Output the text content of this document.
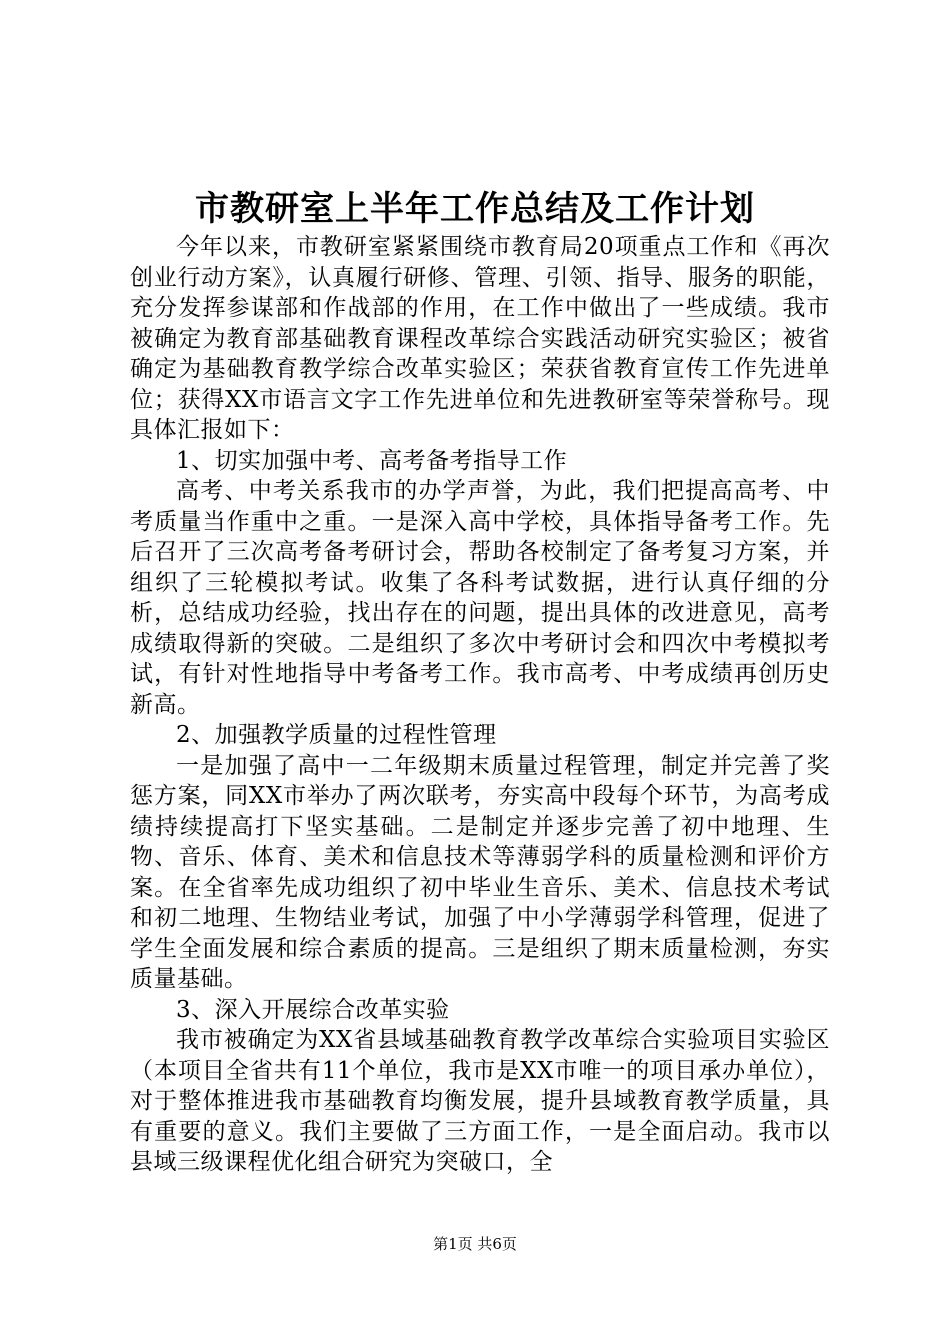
市教研室上半年工作总结及工作计划

今年以来，市教研室紧紧围绕市教育局20项重点工作和《再次创业行动方案》，认真履行研修、管理、引领、指导、服务的职能，充分发挥参谋部和作战部的作用，在工作中做出了一些成绩。我市被确定为教育部基础教育课程改革综合实践活动研究实验区；被省确定为基础教育教学综合改革实验区；荣获省教育宣传工作先进单位；获得XX市语言文字工作先进单位和先进教研室等荣誉称号。现具体汇报如下：

1、切实加强中考、高考备考指导工作

高考、中考关系我市的办学声誉，为此，我们把提高高考、中考质量当作重中之重。一是深入高中学校，具体指导备考工作。先后召开了三次高考备考研讨会，帮助各校制定了备考复习方案，并组织了三轮模拟考试。收集了各科考试数据，进行认真仔细的分析，总结成功经验，找出存在的问题，提出具体的改进意见，高考成绩取得新的突破。二是组织了多次中考研讨会和四次中考模拟考试，有针对性地指导中考备考工作。我市高考、中考成绩再创历史新高。

2、加强教学质量的过程性管理

一是加强了高中一二年级期末质量过程管理，制定并完善了奖惩方案，同XX市举办了两次联考，夯实高中段每个环节，为高考成绩持续提高打下坚实基础。二是制定并逐步完善了初中地理、生物、音乐、体育、美术和信息技术等薄弱学科的质量检测和评价方案。在全省率先成功组织了初中毕业生音乐、美术、信息技术考试和初二地理、生物结业考试，加强了中小学薄弱学科管理，促进了学生全面发展和综合素质的提高。三是组织了期末质量检测，夯实质量基础。

3、深入开展综合改革实验

我市被确定为XX省县域基础教育教学改革综合实验项目实验区（本项目全省共有11个单位，我市是XX市唯一的项目承办单位），对于整体推进我市基础教育均衡发展，提升县域教育教学质量，具有重要的意义。我们主要做了三方面工作，一是全面启动。我市以县域三级课程优化组合研究为突破口，全

第1页 共6页
